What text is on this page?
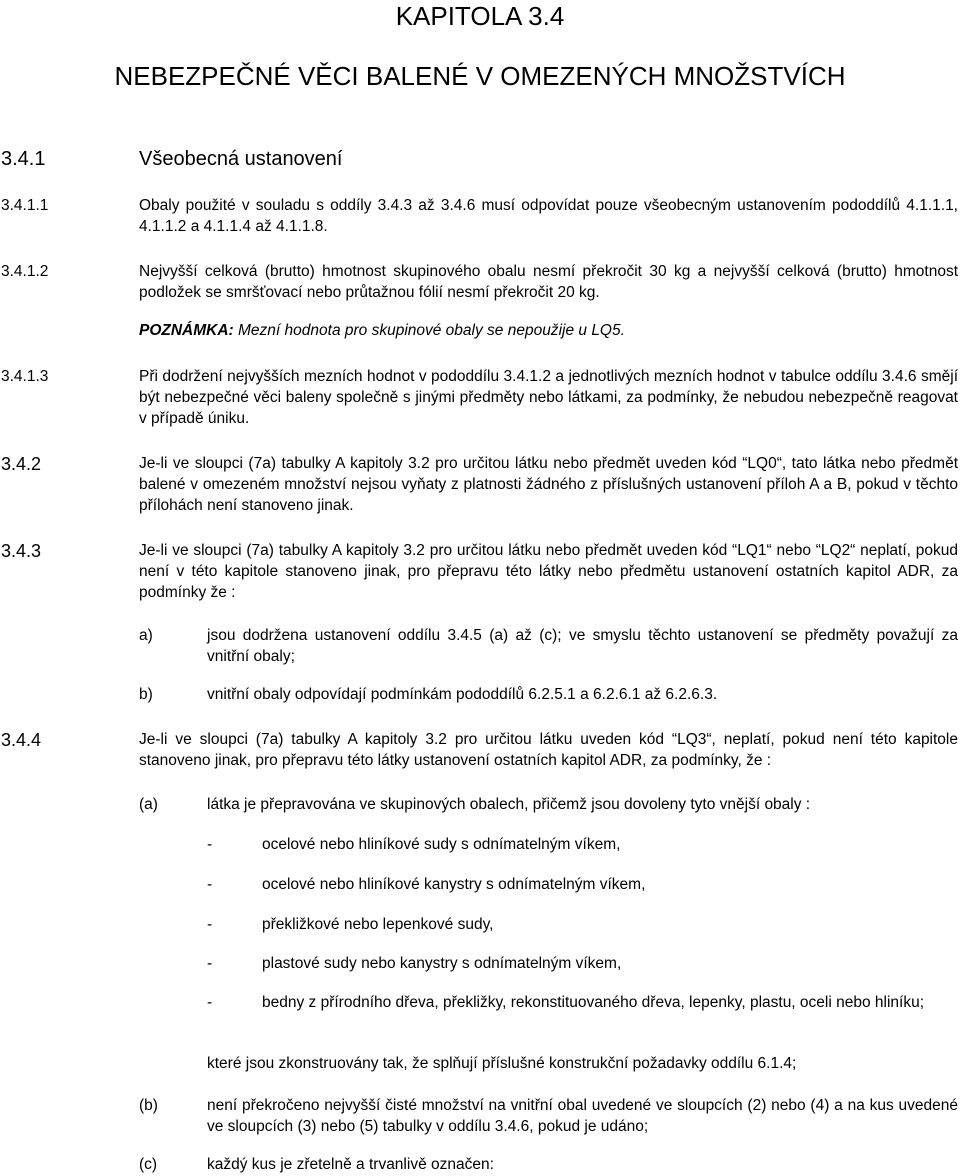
KAPITOLA 3.4
NEBEZPEČNÉ VĚCI BALENÉ V OMEZENÝCH MNOŽSTVÍCH
3.4.1	Všeobecná ustanovení
3.4.1.1	Obaly použité v souladu s oddíly 3.4.3 až 3.4.6 musí odpovídat pouze všeobecným ustanovením pododdílů 4.1.1.1, 4.1.1.2 a 4.1.1.4 až 4.1.1.8.
3.4.1.2	Nejvyšší celková (brutto) hmotnost skupinového obalu nesmí překročit 30 kg a nejvyšší celková (brutto) hmotnost podložek se smršťovací nebo průtažnou fólií nesmí překročit 20 kg.
POZNÁMKA: Mezní hodnota pro skupinové obaly se nepoužije u LQ5.
3.4.1.3	Při dodržení nejvyšších mezních hodnot v pododdílu 3.4.1.2 a jednotlivých mezních hodnot v tabulce oddílu 3.4.6 smějí být nebezpečné věci baleny společně s jinými předměty nebo látkami, za podmínky, že nebudou nebezpečně reagovat v případě úniku.
3.4.2	Je-li ve sloupci (7a) tabulky A kapitoly 3.2 pro určitou látku nebo předmět uveden kód “LQ0“, tato látka nebo předmět balené v omezeném množství nejsou vyňaty z platnosti žádného z příslušných ustanovení příloh A a B, pokud v těchto přílohách není stanoveno jinak.
3.4.3	Je-li ve sloupci (7a) tabulky A kapitoly 3.2 pro určitou látku nebo předmět uveden kód “LQ1“ nebo “LQ2“ neplatí, pokud není v této kapitole stanoveno jinak, pro přepravu této látky nebo předmětu ustanovení ostatních kapitol ADR, za podmínky že :
a)	jsou dodržena ustanovení oddílu 3.4.5 (a) až (c); ve smyslu těchto ustanovení se předměty považují za vnitřní obaly;
b)	vnitřní obaly odpovídají podmínkám pododdílů 6.2.5.1 a 6.2.6.1 až 6.2.6.3.
3.4.4	Je-li ve sloupci (7a) tabulky A kapitoly 3.2 pro určitou látku uveden kód “LQ3“, neplatí, pokud není této kapitole stanoveno jinak, pro přepravu této látky ustanovení ostatních kapitol ADR, za podmínky, že :
(a)	látka je přepravována ve skupinových obalech, přičemž jsou dovoleny tyto vnější obaly :
-	ocelové nebo hliníkové sudy s odnímatelným víkem,
-	ocelové nebo hliníkové kanystry s odnímatelným víkem,
-	překližkové nebo lepenkové sudy,
-	plastové sudy nebo kanystry s odnímatelným víkem,
-	bedny z přírodního dřeva, překližky, rekonstituovaného dřeva, lepenky, plastu, oceli nebo hliníku;
které jsou zkonstruovány tak, že splňují příslušné konstrukční požadavky oddílu 6.1.4;
(b)	není překročeno nejvyšší čisté množství na vnitřní obal uvedené ve sloupcích (2) nebo (4) a na kus uvedené ve sloupcích (3) nebo (5) tabulky v oddílu 3.4.6, pokud je udáno;
(c)	každý kus je zřetelně a trvanlivě označen:
